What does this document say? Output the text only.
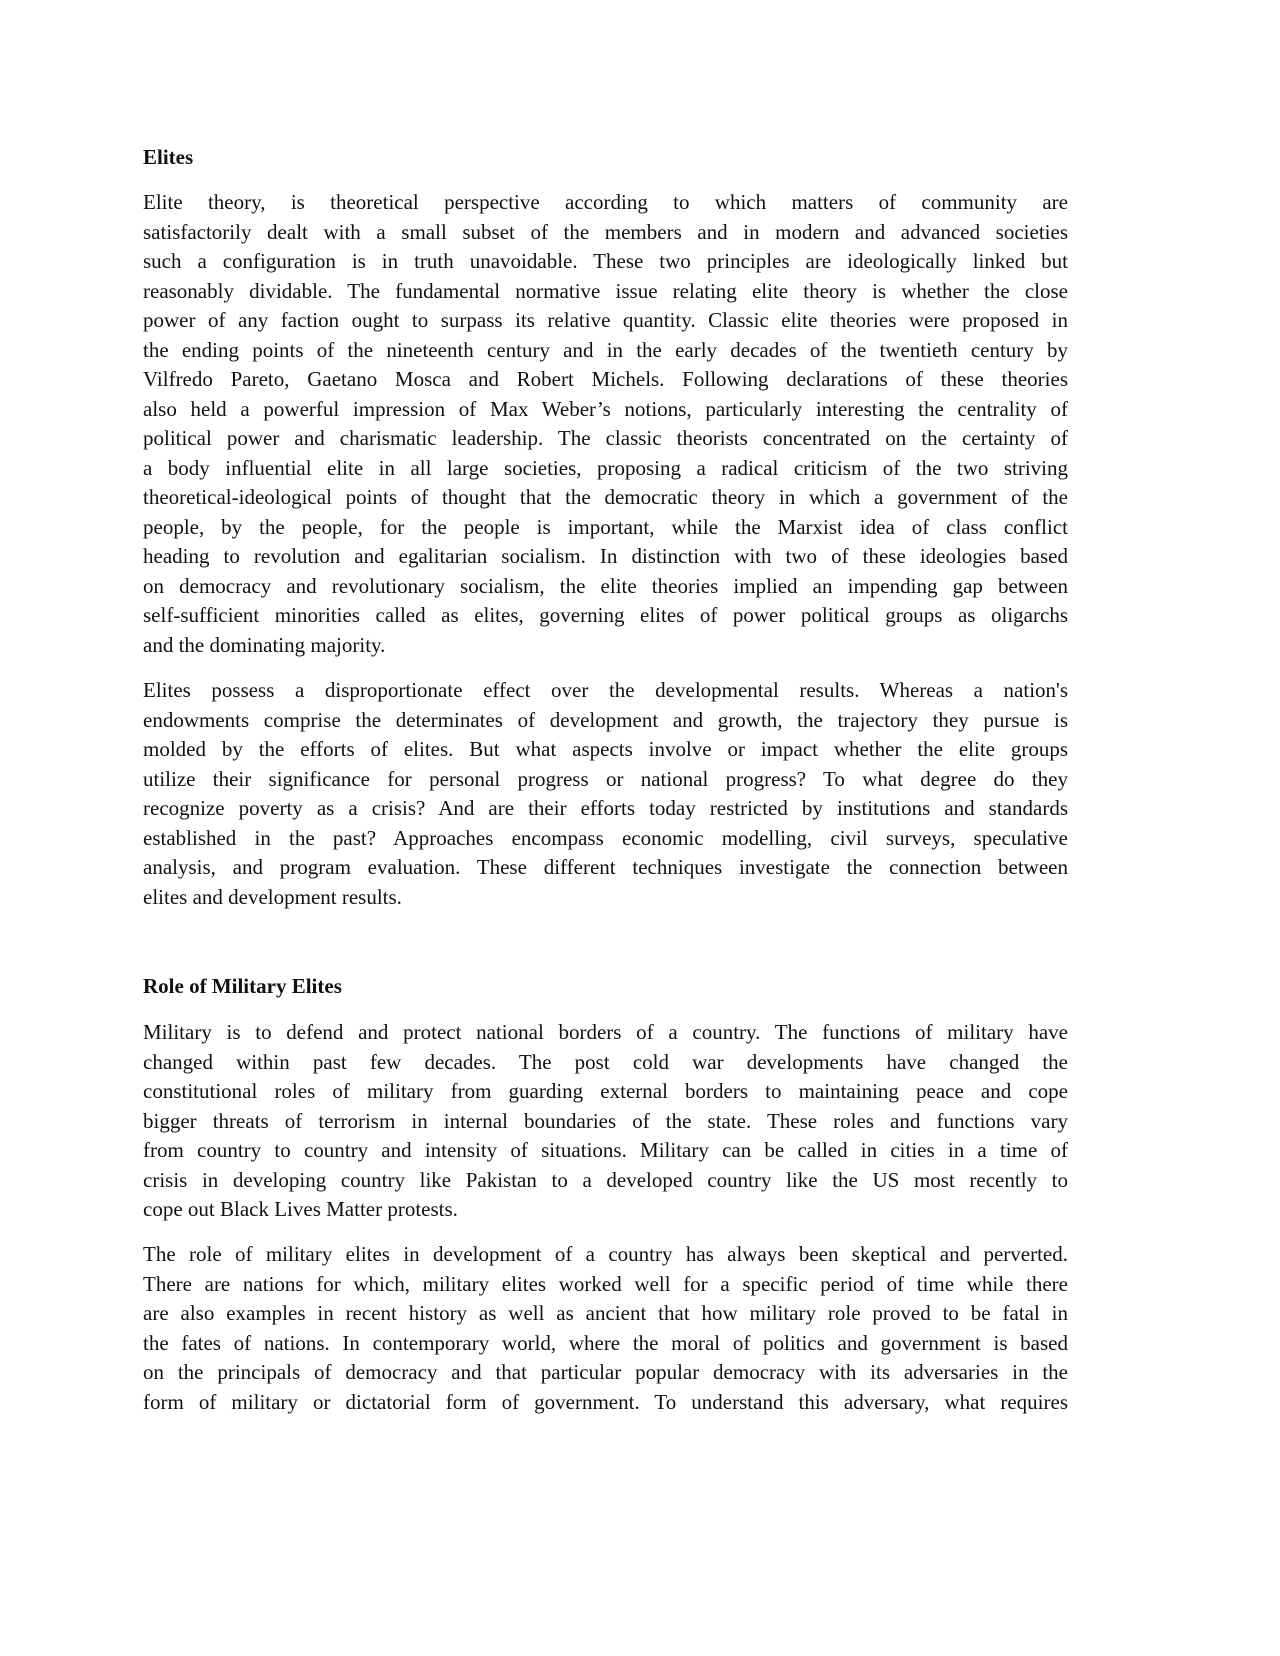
Elites
Elite theory, is theoretical perspective according to which matters of community are
satisfactorily dealt with a small subset of the members and in modern and advanced societies
such a configuration is in truth unavoidable. These two principles are ideologically linked but
reasonably dividable. The fundamental normative issue relating elite theory is whether the close
power of any faction ought to surpass its relative quantity. Classic elite theories were proposed in
the ending points of the nineteenth century and in the early decades of the twentieth century by
Vilfredo Pareto, Gaetano Mosca and Robert Michels. Following declarations of these theories
also held a powerful impression of Max Weber’s notions, particularly interesting the centrality of
political power and charismatic leadership. The classic theorists concentrated on the certainty of
a body influential elite in all large societies, proposing a radical criticism of the two striving
theoretical-ideological points of thought that the democratic theory in which a government of the
people, by the people, for the people is important, while the Marxist idea of class conflict
heading to revolution and egalitarian socialism. In distinction with two of these ideologies based
on democracy and revolutionary socialism, the elite theories implied an impending gap between
self-sufficient minorities called as elites, governing elites of power political groups as oligarchs
and the dominating majority.
Elites possess a disproportionate effect over the developmental results. Whereas a nation's
endowments comprise the determinates of development and growth, the trajectory they pursue is
molded by the efforts of elites. But what aspects involve or impact whether the elite groups
utilize their significance for personal progress or national progress? To what degree do they
recognize poverty as a crisis? And are their efforts today restricted by institutions and standards
established in the past? Approaches encompass economic modelling, civil surveys, speculative
analysis, and program evaluation. These different techniques investigate the connection between
elites and development results.
Role of Military Elites
Military is to defend and protect national borders of a country. The functions of military have
changed within past few decades. The post cold war developments have changed the
constitutional roles of military from guarding external borders to maintaining peace and cope
bigger threats of terrorism in internal boundaries of the state. These roles and functions vary
from country to country and intensity of situations. Military can be called in cities in a time of
crisis in developing country like Pakistan to a developed country like the US most recently to
cope out Black Lives Matter protests.
The role of military elites in development of a country has always been skeptical and perverted.
There are nations for which, military elites worked well for a specific period of time while there
are also examples in recent history as well as ancient that how military role proved to be fatal in
the fates of nations. In contemporary world, where the moral of politics and government is based
on the principals of democracy and that particular popular democracy with its adversaries in the
form of military or dictatorial form of government. To understand this adversary, what requires
